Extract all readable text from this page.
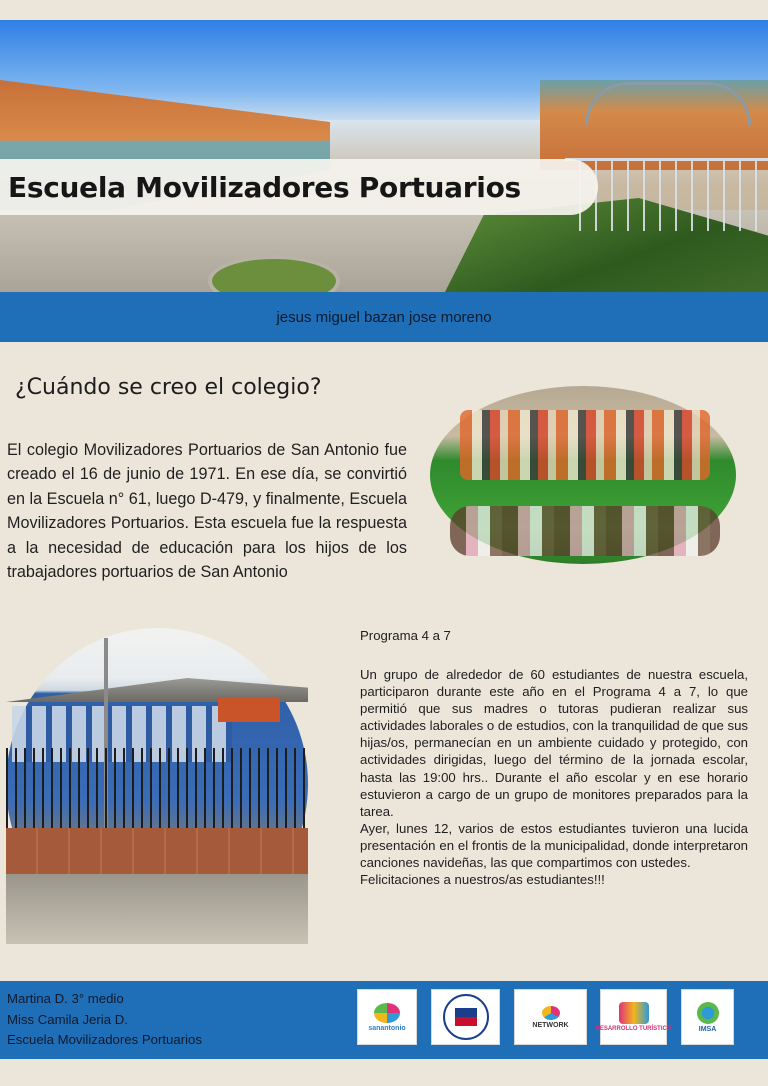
Escuela Movilizadores Portuarios
jesus miguel bazan jose moreno
¿Cuándo se creo el colegio?

El colegio Movilizadores Portuarios de San Antonio fue creado el 16 de junio de 1971. En ese día, se convirtió en la Escuela n° 61, luego D-479, y finalmente, Escuela Movilizadores Portuarios. Esta escuela fue la respuesta a la necesidad de educación para los hijos de los trabajadores portuarios de San Antonio

Programa 4 a 7

Un grupo de alrededor de 60 estudiantes de nuestra escuela, participaron durante este año en el Programa 4 a 7, lo que permitió que sus madres o tutoras pudieran realizar sus actividades laborales o de estudios, con la tranquilidad de que sus hijas/os, permanecían en un ambiente cuidado y protegido, con actividades dirigidas, luego del término de la jornada escolar, hasta las 19:00 hrs.. Durante el año escolar y en ese horario estuvieron a cargo de un grupo de monitores preparados para la tarea.

Ayer, lunes 12, varios de estos estudiantes tuvieron una lucida presentación en el frontis de la municipalidad, donde interpretaron canciones navideñas, las que compartimos con ustedes.

Felicitaciones a nuestros/as estudiantes!!!

Martina D. 3° medio
Miss Camila Jeria D.
Escuela Movilizadores Portuarios
sanantonio	NETWORK
DESARROLLO TURÍSTICO	IMSA
